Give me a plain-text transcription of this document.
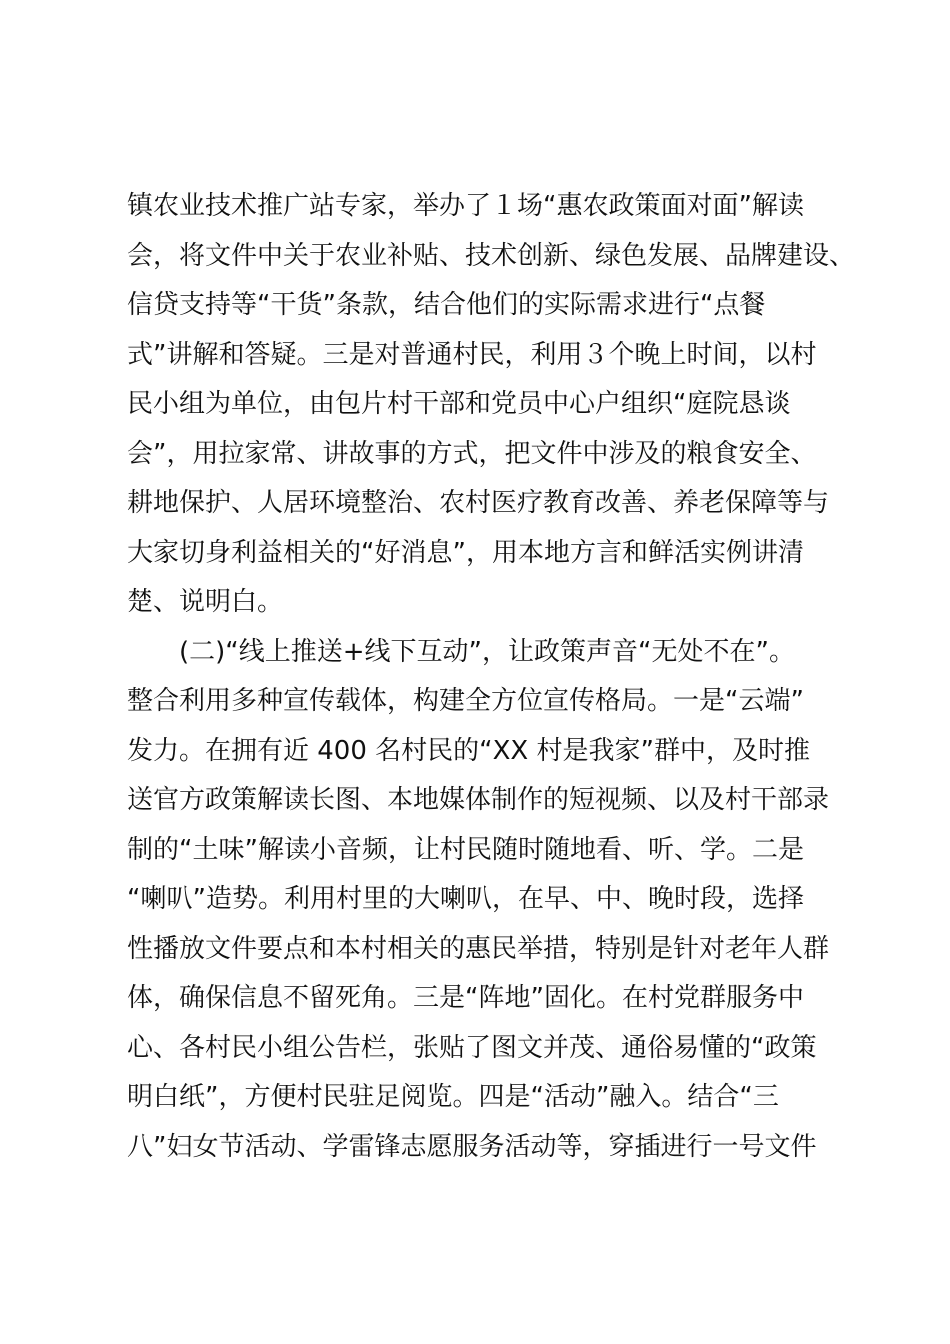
镇农业技术推广站专家，举办了１场“惠农政策面对面”解读
会，将文件中关于农业补贴、技术创新、绿色发展、品牌建设、
信贷支持等“干货”条款，结合他们的实际需求进行“点餐
式”讲解和答疑。三是对普通村民，利用３个晚上时间，以村
民小组为单位，由包片村干部和党员中心户组织“庭院恳谈
会”，用拉家常、讲故事的方式，把文件中涉及的粮食安全、
耕地保护、人居环境整治、农村医疗教育改善、养老保障等与
大家切身利益相关的“好消息”，用本地方言和鲜活实例讲清
楚、说明白。
　　(二)“线上推送+线下互动”，让政策声音“无处不在”。
整合利用多种宣传载体，构建全方位宣传格局。一是“云端”
发力。在拥有近 400 名村民的“XX 村是我家”群中，及时推
送官方政策解读长图、本地媒体制作的短视频、以及村干部录
制的“土味”解读小音频，让村民随时随地看、听、学。二是
“喇叭”造势。利用村里的大喇叭，在早、中、晚时段，选择
性播放文件要点和本村相关的惠民举措，特别是针对老年人群
体，确保信息不留死角。三是“阵地”固化。在村党群服务中
心、各村民小组公告栏，张贴了图文并茂、通俗易懂的“政策
明白纸”，方便村民驻足阅览。四是“活动”融入。结合“三
八”妇女节活动、学雷锋志愿服务活动等，穿插进行一号文件
